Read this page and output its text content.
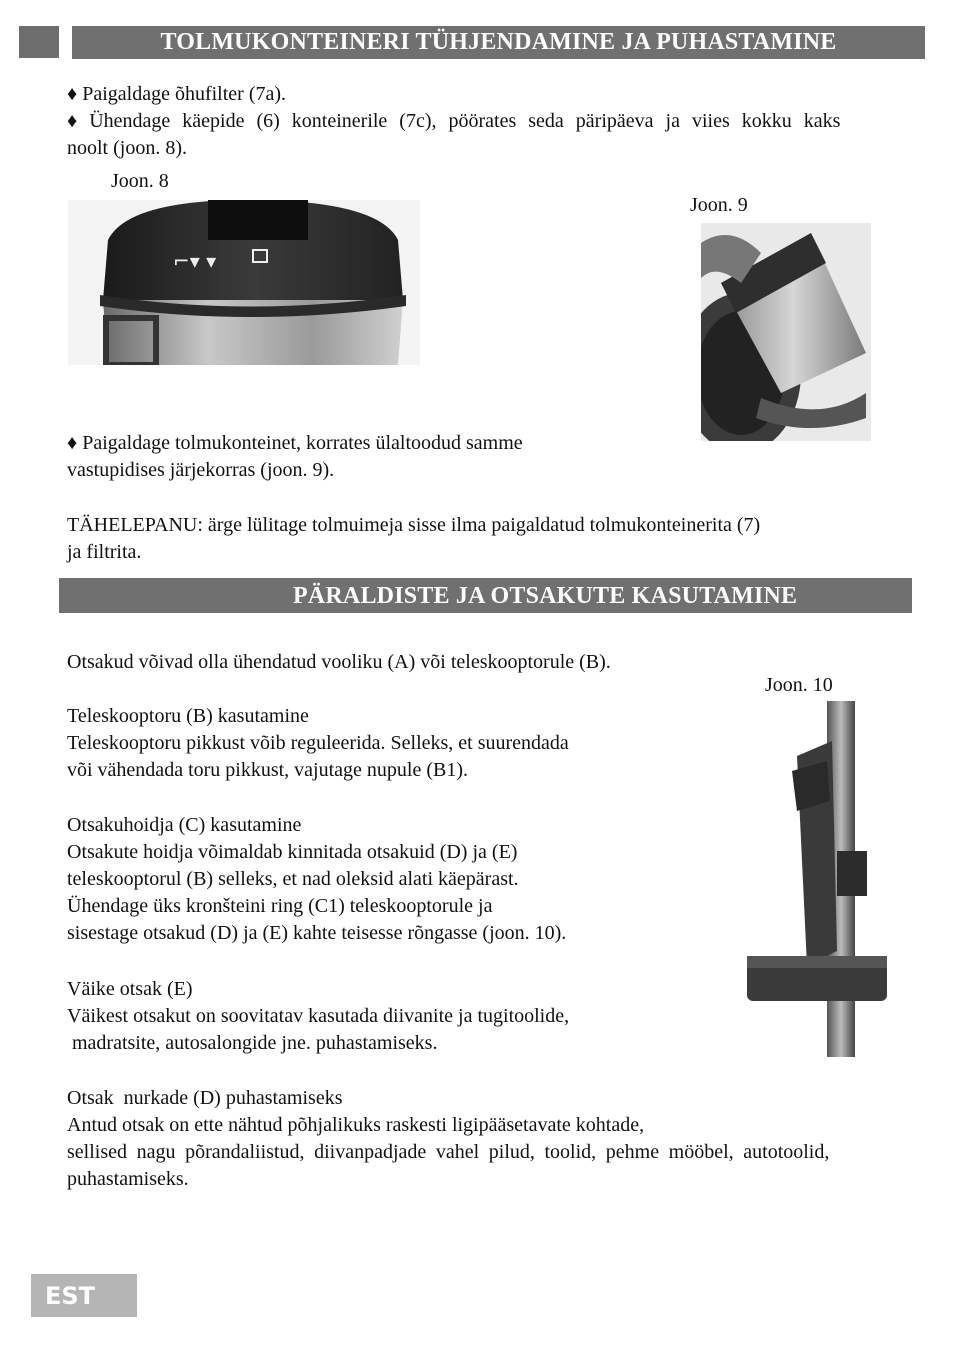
TOLMUKONTEINERI TÜHJENDAMINE JA PUHASTAMINE
♦ Paigaldage õhufilter (7a).
♦ Ühendage käepide (6) konteinerile (7c), pöörates seda päripäeva ja viies kokku kaks
noolt (joon. 8).
Joon. 8
Joon. 9
⌐▾ ▾
♦ Paigaldage tolmukonteinet, korrates ülaltoodud samme
vastupidises järjekorras (joon. 9).
TÄHELEPANU: ärge lülitage tolmuimeja sisse ilma paigaldatud tolmukonteinerita (7)
ja filtrita.
PÄRALDISTE JA OTSAKUTE KASUTAMINE
Otsakud võivad olla ühendatud vooliku (A) või teleskooptorule (B).
Joon. 10
Teleskooptoru (B) kasutamine
Teleskooptoru pikkust võib reguleerida. Selleks, et suurendada
või vähendada toru pikkust, vajutage nupule (B1).
Otsakuhoidja (C) kasutamine
Otsakute hoidja võimaldab kinnitada otsakuid (D) ja (E)
teleskooptorul (B) selleks, et nad oleksid alati käepärast.
Ühendage üks kronšteini ring (C1) teleskooptorule ja
sisestage otsakud (D) ja (E) kahte teisesse rõngasse (joon. 10).
Väike otsak (E)
Väikest otsakut on soovitatav kasutada diivanite ja tugitoolide,
madratsite, autosalongide jne. puhastamiseks.
Otsak  nurkade (D) puhastamiseks
Antud otsak on ette nähtud põhjalikuks raskesti ligipääsetavate kohtade,
sellised nagu põrandaliistud, diivanpadjade vahel pilud, toolid, pehme mööbel, autotoolid,
puhastamiseks.
EST
